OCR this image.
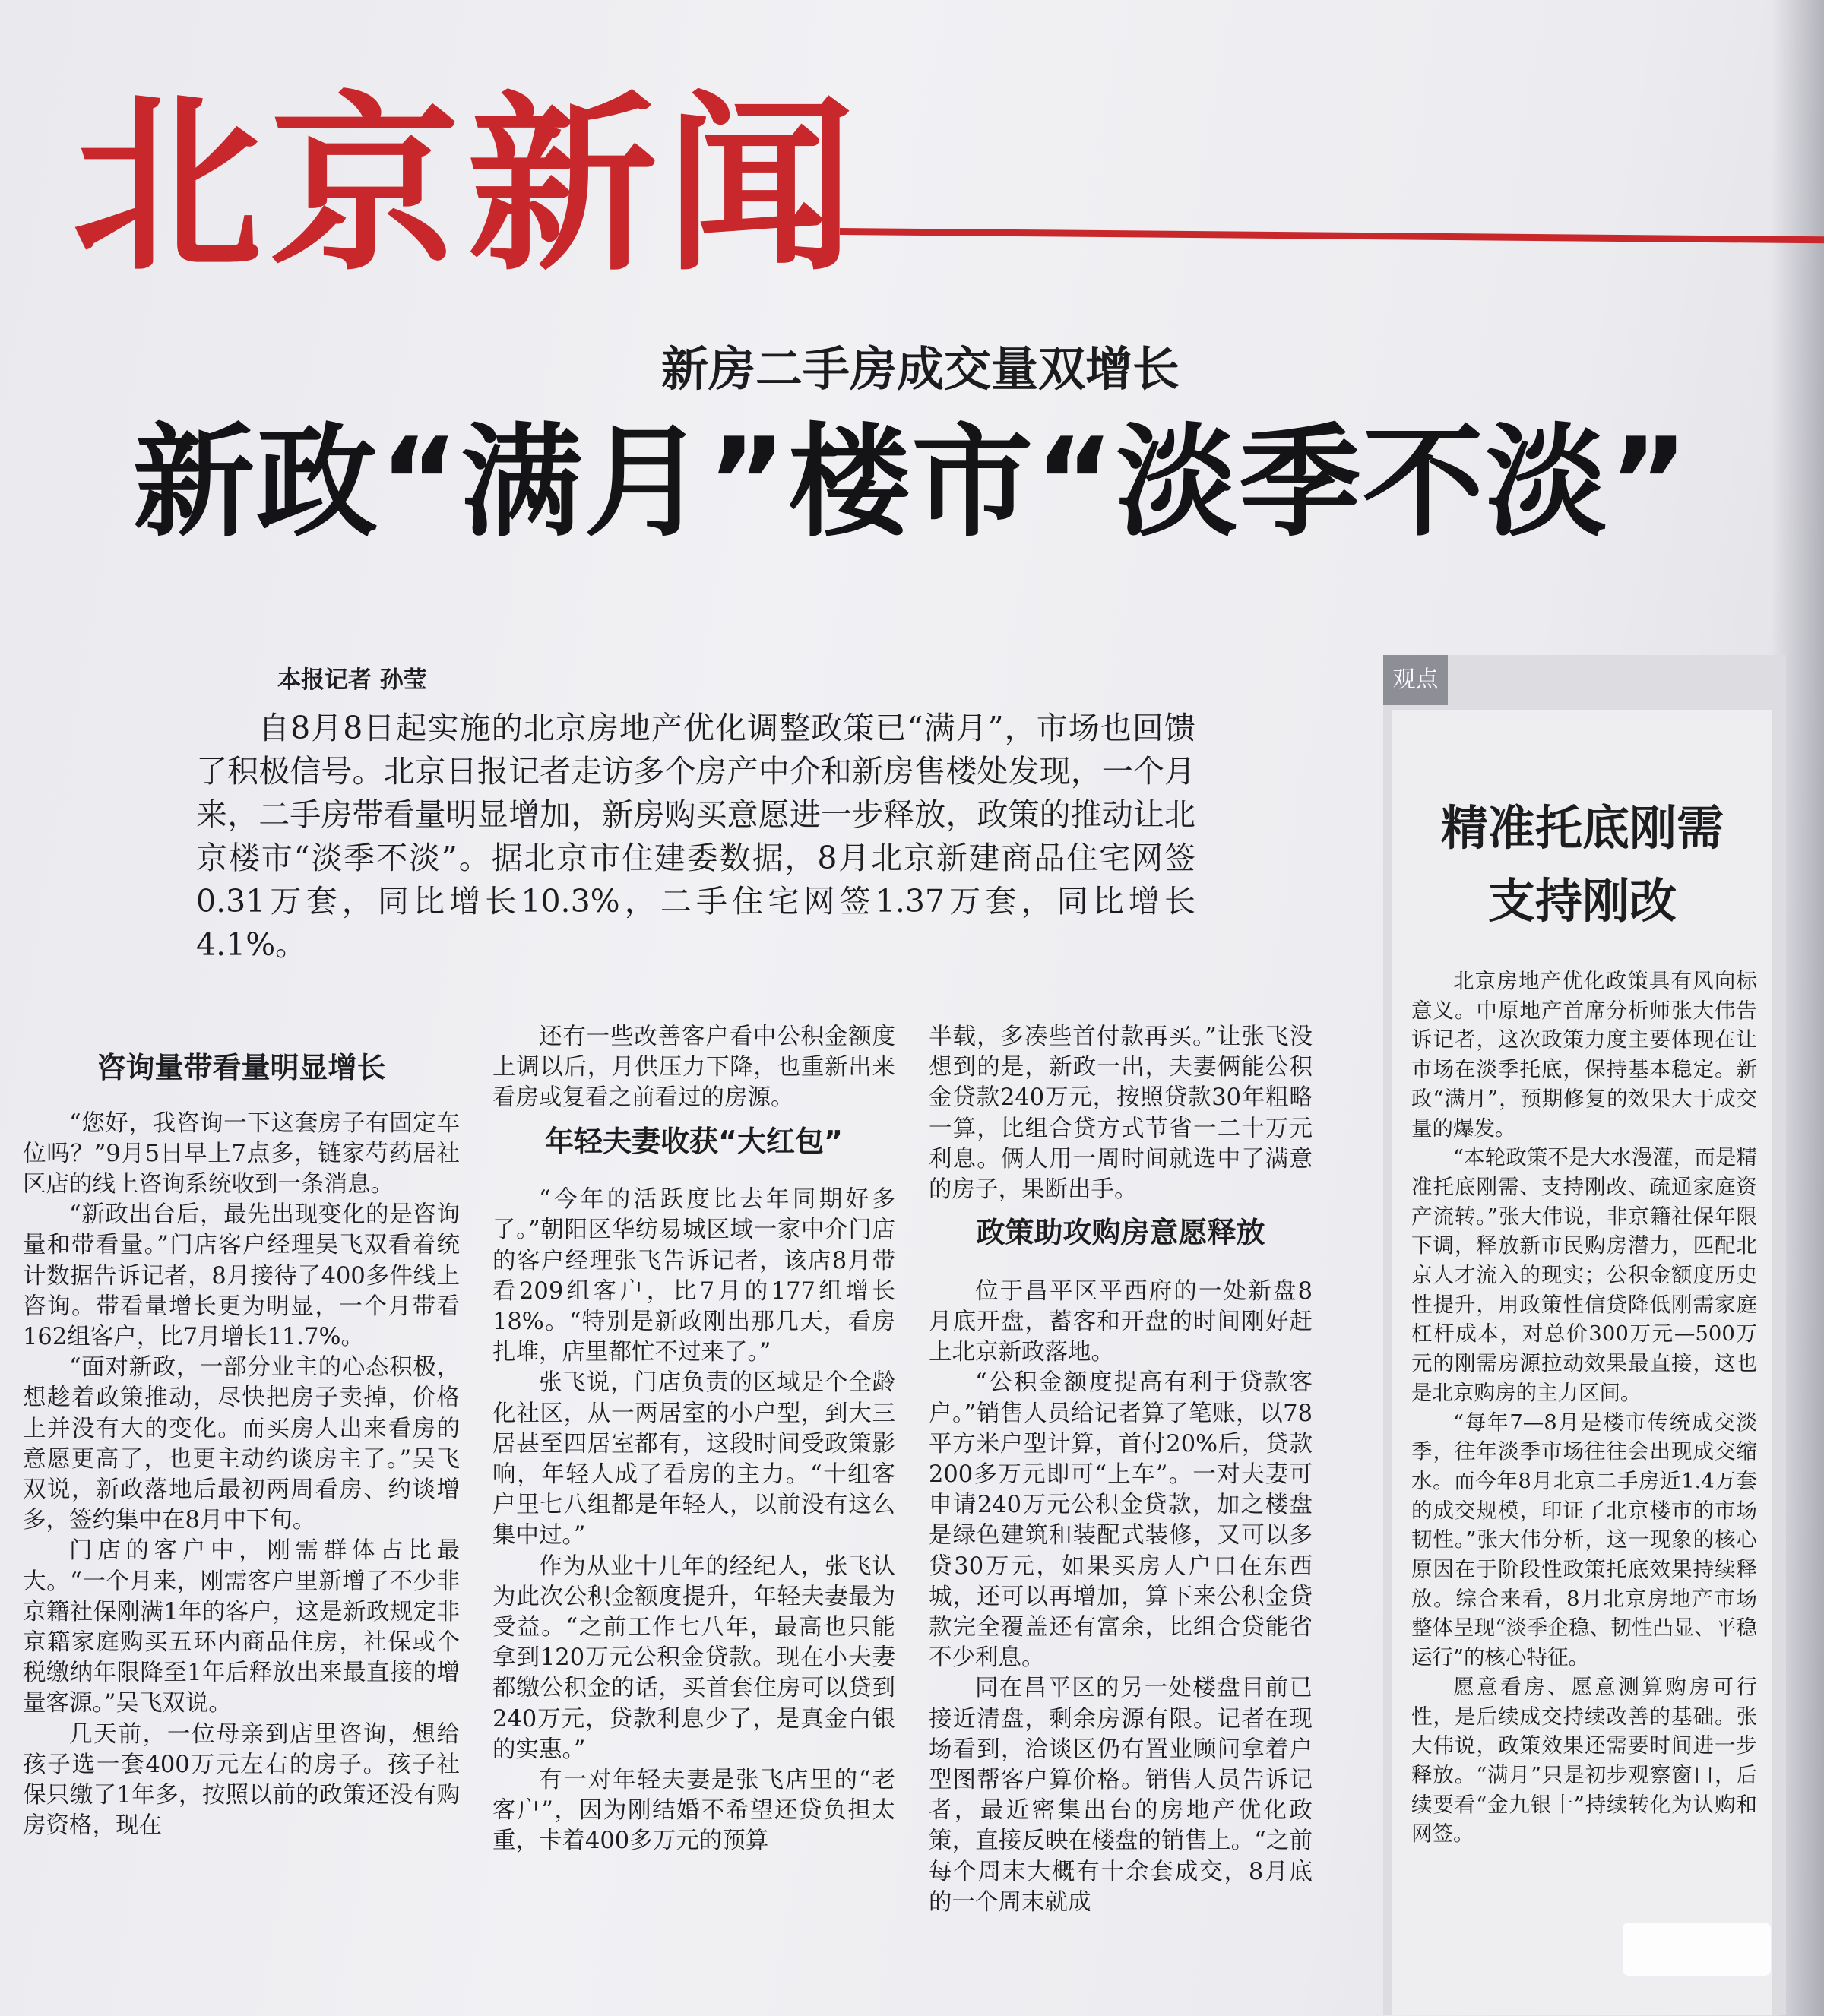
北京新闻
新房二手房成交量双增长
新政“满月”楼市“淡季不淡”
本报记者 孙莹
自8月8日起实施的北京房地产优化调整政策已“满月”，市场也回馈了积极信号。北京日报记者走访多个房产中介和新房售楼处发现，一个月来，二手房带看量明显增加，新房购买意愿进一步释放，政策的推动让北京楼市“淡季不淡”。据北京市住建委数据，8月北京新建商品住宅网签0.31万套，同比增长10.3%，二手住宅网签1.37万套，同比增长4.1%。
咨询量带看量明显增长

“您好，我咨询一下这套房子有固定车位吗？”9月5日早上7点多，链家芍药居社区店的线上咨询系统收到一条消息。

“新政出台后，最先出现变化的是咨询量和带看量。”门店客户经理吴飞双看着统计数据告诉记者，8月接待了400多件线上咨询。带看量增长更为明显，一个月带看162组客户，比7月增长11.7%。

“面对新政，一部分业主的心态积极，想趁着政策推动，尽快把房子卖掉，价格上并没有大的变化。而买房人出来看房的意愿更高了，也更主动约谈房主了。”吴飞双说，新政落地后最初两周看房、约谈增多，签约集中在8月中下旬。

门店的客户中，刚需群体占比最大。“一个月来，刚需客户里新增了不少非京籍社保刚满1年的客户，这是新政规定非京籍家庭购买五环内商品住房，社保或个税缴纳年限降至1年后释放出来最直接的增量客源。”吴飞双说。

几天前，一位母亲到店里咨询，想给孩子选一套400万元左右的房子。孩子社保只缴了1年多，按照以前的政策还没有购房资格，现在

还有一些改善客户看中公积金额度上调以后，月供压力下降，也重新出来看房或复看之前看过的房源。

年轻夫妻收获“大红包”

“今年的活跃度比去年同期好多了。”朝阳区华纺易城区域一家中介门店的客户经理张飞告诉记者，该店8月带看209组客户，比7月的177组增长18%。“特别是新政刚出那几天，看房扎堆，店里都忙不过来了。”

张飞说，门店负责的区域是个全龄化社区，从一两居室的小户型，到大三居甚至四居室都有，这段时间受政策影响，年轻人成了看房的主力。“十组客户里七八组都是年轻人，以前没有这么集中过。”

作为从业十几年的经纪人，张飞认为此次公积金额度提升，年轻夫妻最为受益。“之前工作七八年，最高也只能拿到120万元公积金贷款。现在小夫妻都缴公积金的话，买首套住房可以贷到240万元，贷款利息少了，是真金白银的实惠。”

有一对年轻夫妻是张飞店里的“老客户”，因为刚结婚不希望还贷负担太重，卡着400多万元的预算

半载，多凑些首付款再买。”让张飞没想到的是，新政一出，夫妻俩能公积金贷款240万元，按照贷款30年粗略一算，比组合贷方式节省一二十万元利息。俩人用一周时间就选中了满意的房子，果断出手。

政策助攻购房意愿释放

位于昌平区平西府的一处新盘8月底开盘，蓄客和开盘的时间刚好赶上北京新政落地。

“公积金额度提高有利于贷款客户。”销售人员给记者算了笔账，以78平方米户型计算，首付20%后，贷款200多万元即可“上车”。一对夫妻可申请240万元公积金贷款，加之楼盘是绿色建筑和装配式装修，又可以多贷30万元，如果买房人户口在东西城，还可以再增加，算下来公积金贷款完全覆盖还有富余，比组合贷能省不少利息。

同在昌平区的另一处楼盘目前已接近清盘，剩余房源有限。记者在现场看到，洽谈区仍有置业顾问拿着户型图帮客户算价格。销售人员告诉记者，最近密集出台的房地产优化政策，直接反映在楼盘的销售上。“之前每个周末大概有十余套成交，8月底的一个周末就成

观点
精准托底刚需
支持刚改

北京房地产优化政策具有风向标意义。中原地产首席分析师张大伟告诉记者，这次政策力度主要体现在让市场在淡季托底，保持基本稳定。新政“满月”，预期修复的效果大于成交量的爆发。

“本轮政策不是大水漫灌，而是精准托底刚需、支持刚改、疏通家庭资产流转。”张大伟说，非京籍社保年限下调，释放新市民购房潜力，匹配北京人才流入的现实；公积金额度历史性提升，用政策性信贷降低刚需家庭杠杆成本，对总价300万元—500万元的刚需房源拉动效果最直接，这也是北京购房的主力区间。

“每年7—8月是楼市传统成交淡季，往年淡季市场往往会出现成交缩水。而今年8月北京二手房近1.4万套的成交规模，印证了北京楼市的市场韧性。”张大伟分析，这一现象的核心原因在于阶段性政策托底效果持续释放。综合来看，8月北京房地产市场整体呈现“淡季企稳、韧性凸显、平稳运行”的核心特征。

愿意看房、愿意测算购房可行性，是后续成交持续改善的基础。张大伟说，政策效果还需要时间进一步释放。“满月”只是初步观察窗口，后续要看“金九银十”持续转化为认购和网签。
